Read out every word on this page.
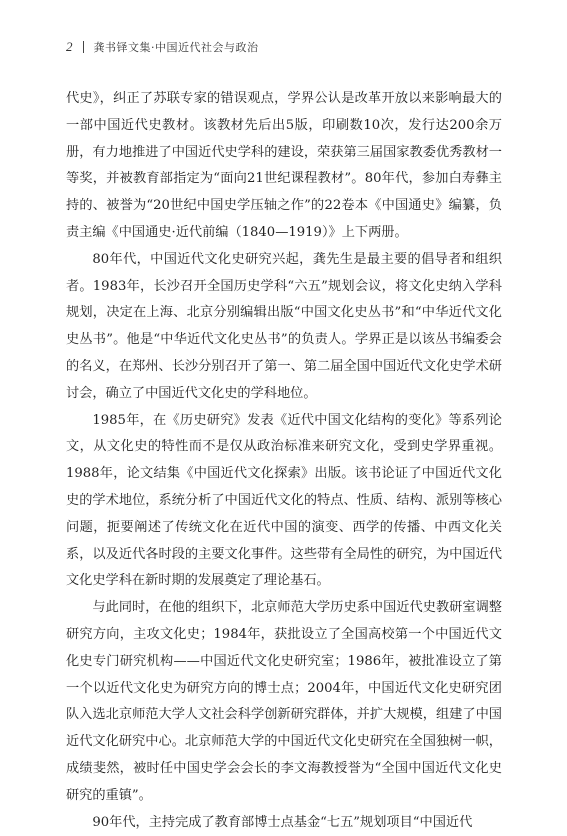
2 龚书铎文集·中国近代社会与政治

代史》，纠正了苏联专家的错误观点，学界公认是改革开放以来影响最大的一部中国近代史教材。该教材先后出5版，印刷数10次，发行达200余万册，有力地推进了中国近代史学科的建设，荣获第三届国家教委优秀教材一等奖，并被教育部指定为“面向21世纪课程教材”。80年代，参加白寿彝主持的、被誉为“20世纪中国史学压轴之作”的22卷本《中国通史》编纂，负责主编《中国通史·近代前编（1840—1919）》上下两册。

80年代，中国近代文化史研究兴起，龚先生是最主要的倡导者和组织者。1983年，长沙召开全国历史学科“六五”规划会议，将文化史纳入学科规划，决定在上海、北京分别编辑出版“中国文化史丛书”和“中华近代文化史丛书”。他是“中华近代文化史丛书”的负责人。学界正是以该丛书编委会的名义，在郑州、长沙分别召开了第一、第二届全国中国近代文化史学术研讨会，确立了中国近代文化史的学科地位。

1985年，在《历史研究》发表《近代中国文化结构的变化》等系列论文，从文化史的特性而不是仅从政治标准来研究文化，受到史学界重视。1988年，论文结集《中国近代文化探索》出版。该书论证了中国近代文化史的学术地位，系统分析了中国近代文化的特点、性质、结构、派别等核心问题，扼要阐述了传统文化在近代中国的演变、西学的传播、中西文化关系，以及近代各时段的主要文化事件。这些带有全局性的研究，为中国近代文化史学科在新时期的发展奠定了理论基石。

与此同时，在他的组织下，北京师范大学历史系中国近代史教研室调整研究方向，主攻文化史；1984年，获批设立了全国高校第一个中国近代文化史专门研究机构——中国近代文化史研究室；1986年，被批准设立了第一个以近代文化史为研究方向的博士点；2004年，中国近代文化史研究团队入选北京师范大学人文社会科学创新研究群体，并扩大规模，组建了中国近代文化研究中心。北京师范大学的中国近代文化史研究在全国独树一帜，成绩斐然，被时任中国史学会会长的李文海教授誉为“全国中国近代文化史研究的重镇”。

90年代，主持完成了教育部博士点基金“七五”规划项目“中国近代
